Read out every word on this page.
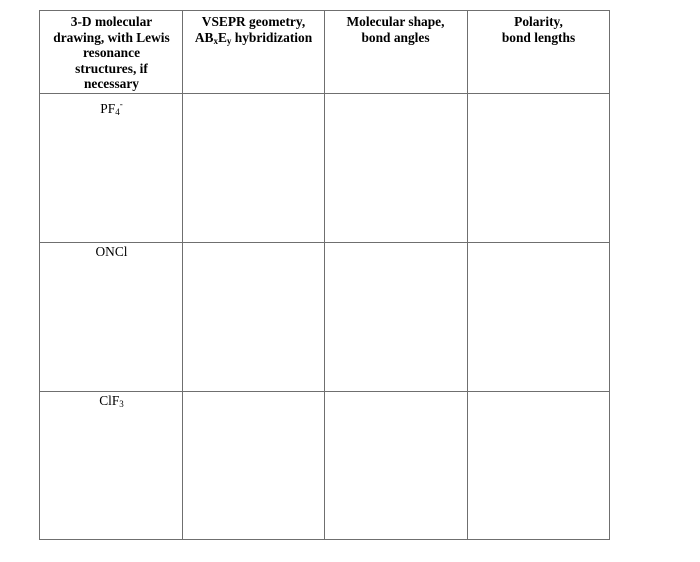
3-D molecular
drawing, with Lewis
resonance
structures, if
necessary
VSEPR geometry,
ABxEy hybridization
Molecular shape,
bond angles
Polarity,
bond lengths
PF4-
ONCl
ClF3
